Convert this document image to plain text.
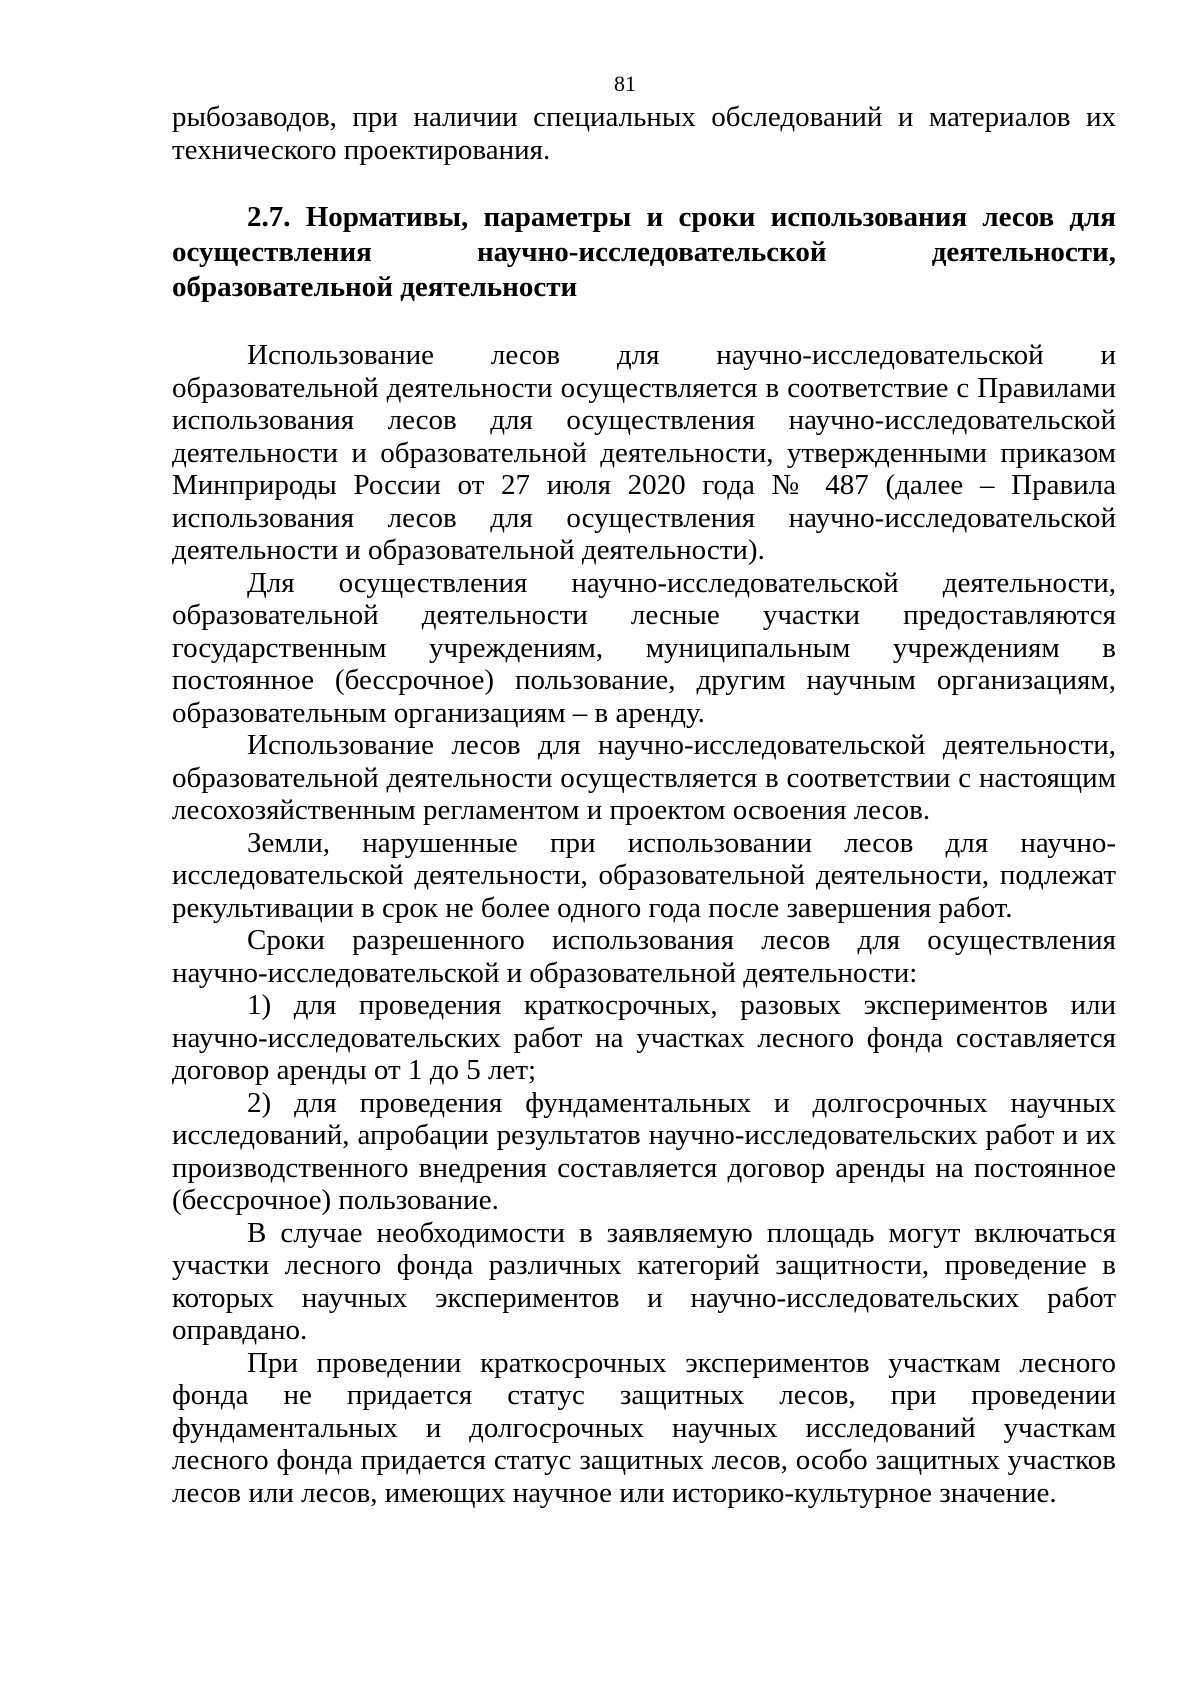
81

рыбозаводов, при наличии специальных обследований и материалов их технического проектирования.

2.7. Нормативы, параметры и сроки использования лесов для осуществления научно-исследовательской деятельности, образовательной деятельности

Использование лесов для научно-исследовательской и образовательной деятельности осуществляется в соответствие с Правилами использования лесов для осуществления научно-исследовательской деятельности и образовательной деятельности, утвержденными приказом Минприроды России от 27 июля 2020 года № 487 (далее – Правила использования лесов для осуществления научно-исследовательской деятельности и образовательной деятельности).

Для осуществления научно-исследовательской деятельности, образовательной деятельности лесные участки предоставляются государственным учреждениям, муниципальным учреждениям в постоянное (бессрочное) пользование, другим научным организациям, образовательным организациям – в аренду.

Использование лесов для научно-исследовательской деятельности, образовательной деятельности осуществляется в соответствии с настоящим лесохозяйственным регламентом и проектом освоения лесов.

Земли, нарушенные при использовании лесов для научно-исследовательской деятельности, образовательной деятельности, подлежат рекультивации в срок не более одного года после завершения работ.

Сроки разрешенного использования лесов для осуществления научно-исследовательской и образовательной деятельности:

1) для проведения краткосрочных, разовых экспериментов или научно-исследовательских работ на участках лесного фонда составляется договор аренды от 1 до 5 лет;

2) для проведения фундаментальных и долгосрочных научных исследований, апробации результатов научно-исследовательских работ и их производственного внедрения составляется договор аренды на постоянное (бессрочное) пользование.

В случае необходимости в заявляемую площадь могут включаться участки лесного фонда различных категорий защитности, проведение в которых научных экспериментов и научно-исследовательских работ оправдано.

При проведении краткосрочных экспериментов участкам лесного фонда не придается статус защитных лесов, при проведении фундаментальных и долгосрочных научных исследований участкам лесного фонда придается статус защитных лесов, особо защитных участков лесов или лесов, имеющих научное или историко-культурное значение.
